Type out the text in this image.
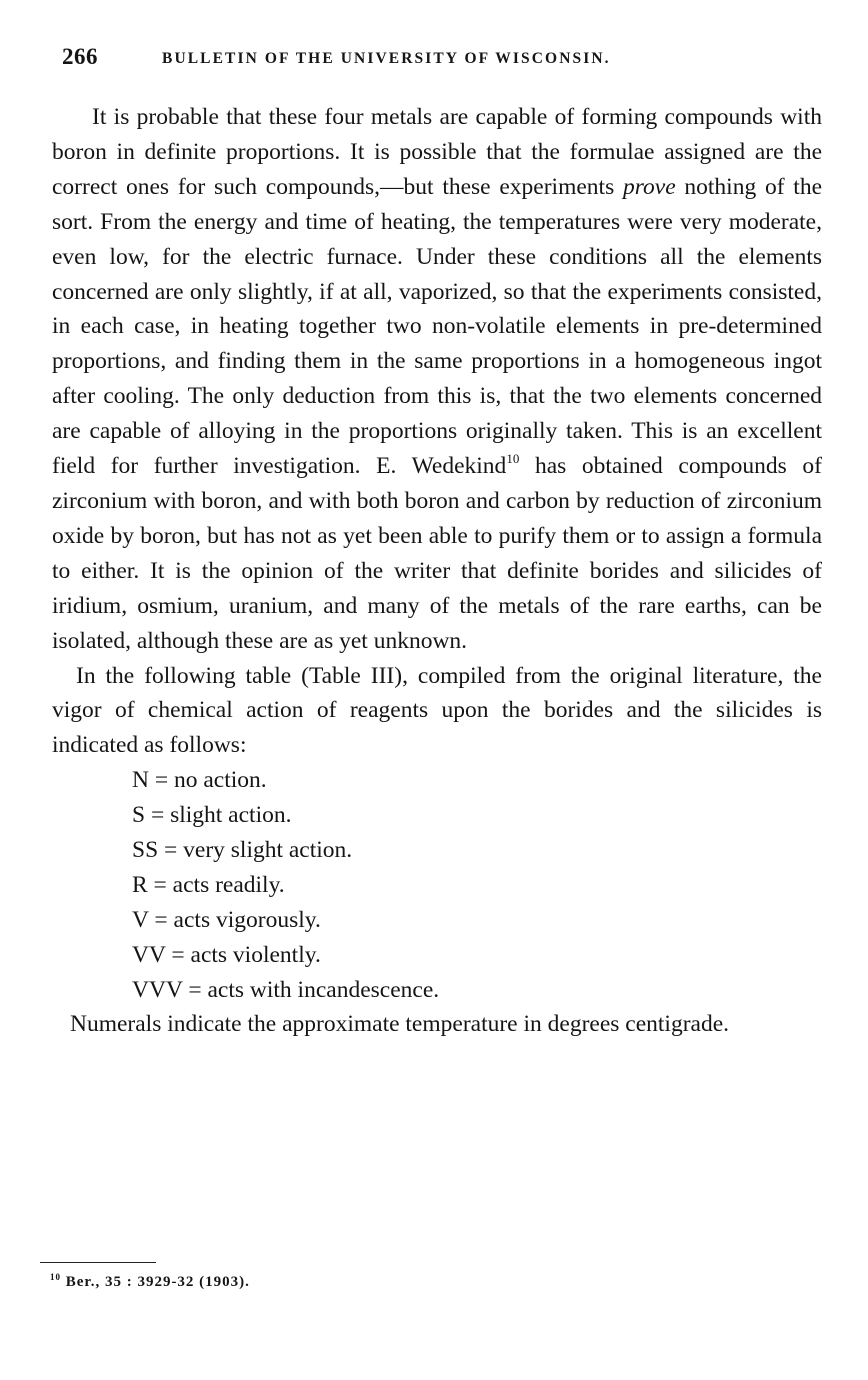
266	BULLETIN OF THE UNIVERSITY OF WISCONSIN.

It is probable that these four metals are capable of forming compounds with boron in definite proportions. It is possible that the formulae assigned are the correct ones for such compounds,—but these experiments prove nothing of the sort. From the energy and time of heating, the temperatures were very moderate, even low, for the electric furnace. Under these conditions all the elements concerned are only slightly, if at all, vaporized, so that the experiments consisted, in each case, in heating together two non-volatile elements in pre-determined proportions, and finding them in the same proportions in a homogeneous ingot after cooling. The only deduction from this is, that the two elements concerned are capable of alloying in the proportions originally taken. This is an excellent field for further investigation. E. Wedekind$^{10}$ has obtained compounds of zirconium with boron, and with both boron and carbon by reduction of zirconium oxide by boron, but has not as yet been able to purify them or to assign a formula to either. It is the opinion of the writer that definite borides and silicides of iridium, osmium, uranium, and many of the metals of the rare earths, can be isolated, although these are as yet unknown.

In the following table (Table III), compiled from the original literature, the vigor of chemical action of reagents upon the borides and the silicides is indicated as follows:

N = no action.
S = slight action.
SS = very slight action.
R = acts readily.
V = acts vigorously.
VV = acts violently.
VVV = acts with incandescence.

Numerals indicate the approximate temperature in degrees centigrade.

$^{10}$ Ber., 35 : 3929-32 (1903).
